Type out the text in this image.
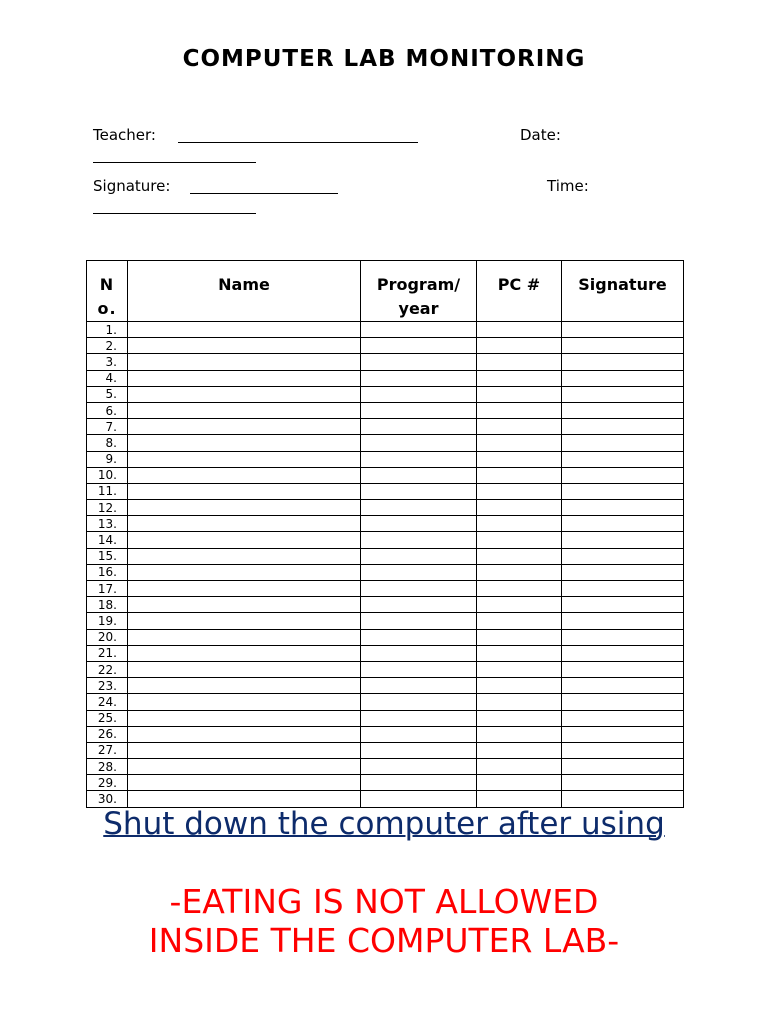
COMPUTER LAB MONITORING
Teacher:	Date:
Signature:	Time:
N o.	Name	Program/ year	PC #	Signature
1.				
2.				
3.				
4.				
5.				
6.				
7.				
8.				
9.				
10.				
11.				
12.				
13.				
14.				
15.				
16.				
17.				
18.				
19.				
20.				
21.				
22.				
23.				
24.				
25.				
26.				
27.				
28.				
29.				
30.				
Shut down the computer after using
-EATING IS NOT ALLOWED
INSIDE THE COMPUTER LAB-
